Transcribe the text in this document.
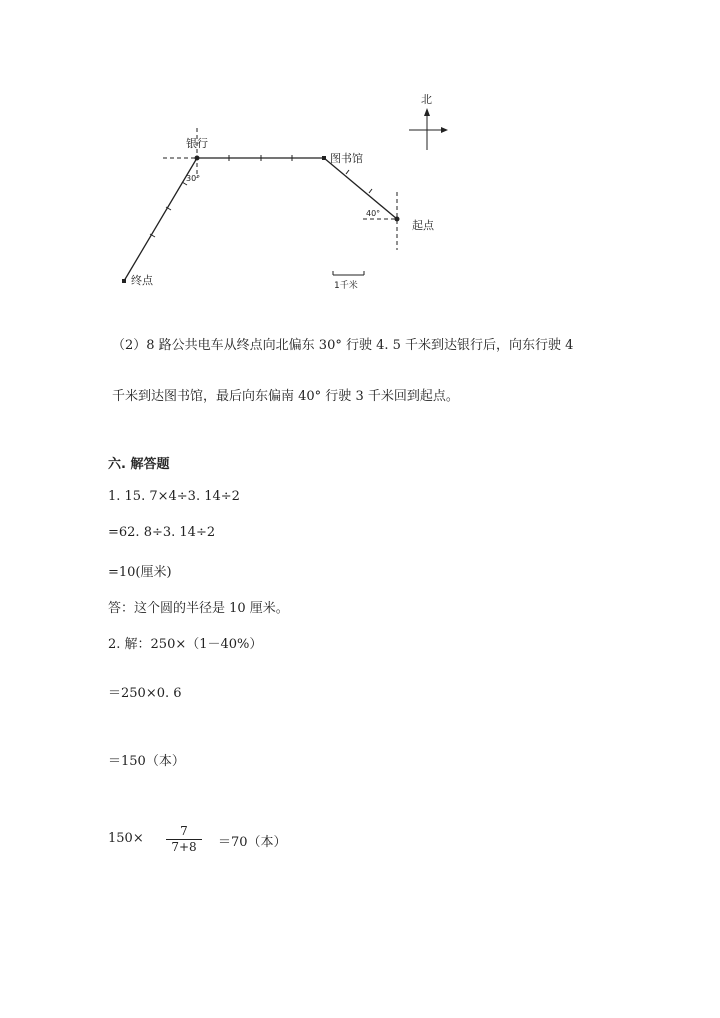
北
银行
图书馆
起点
终点
30°
40°
1千米
（2）8 路公共电车从终点向北偏东 30° 行驶 4. 5 千米到达银行后，向东行驶 4
千米到达图书馆，最后向东偏南 40° 行驶 3 千米回到起点。
六. 解答题
1. 15. 7×4÷3. 14÷2
=62. 8÷3. 14÷2
=10(厘米)
答：这个圆的半径是 10 厘米。
2. 解：250×（1－40%）
＝250×0. 6
＝150（本）
150×	7
7+8	＝70（本）
